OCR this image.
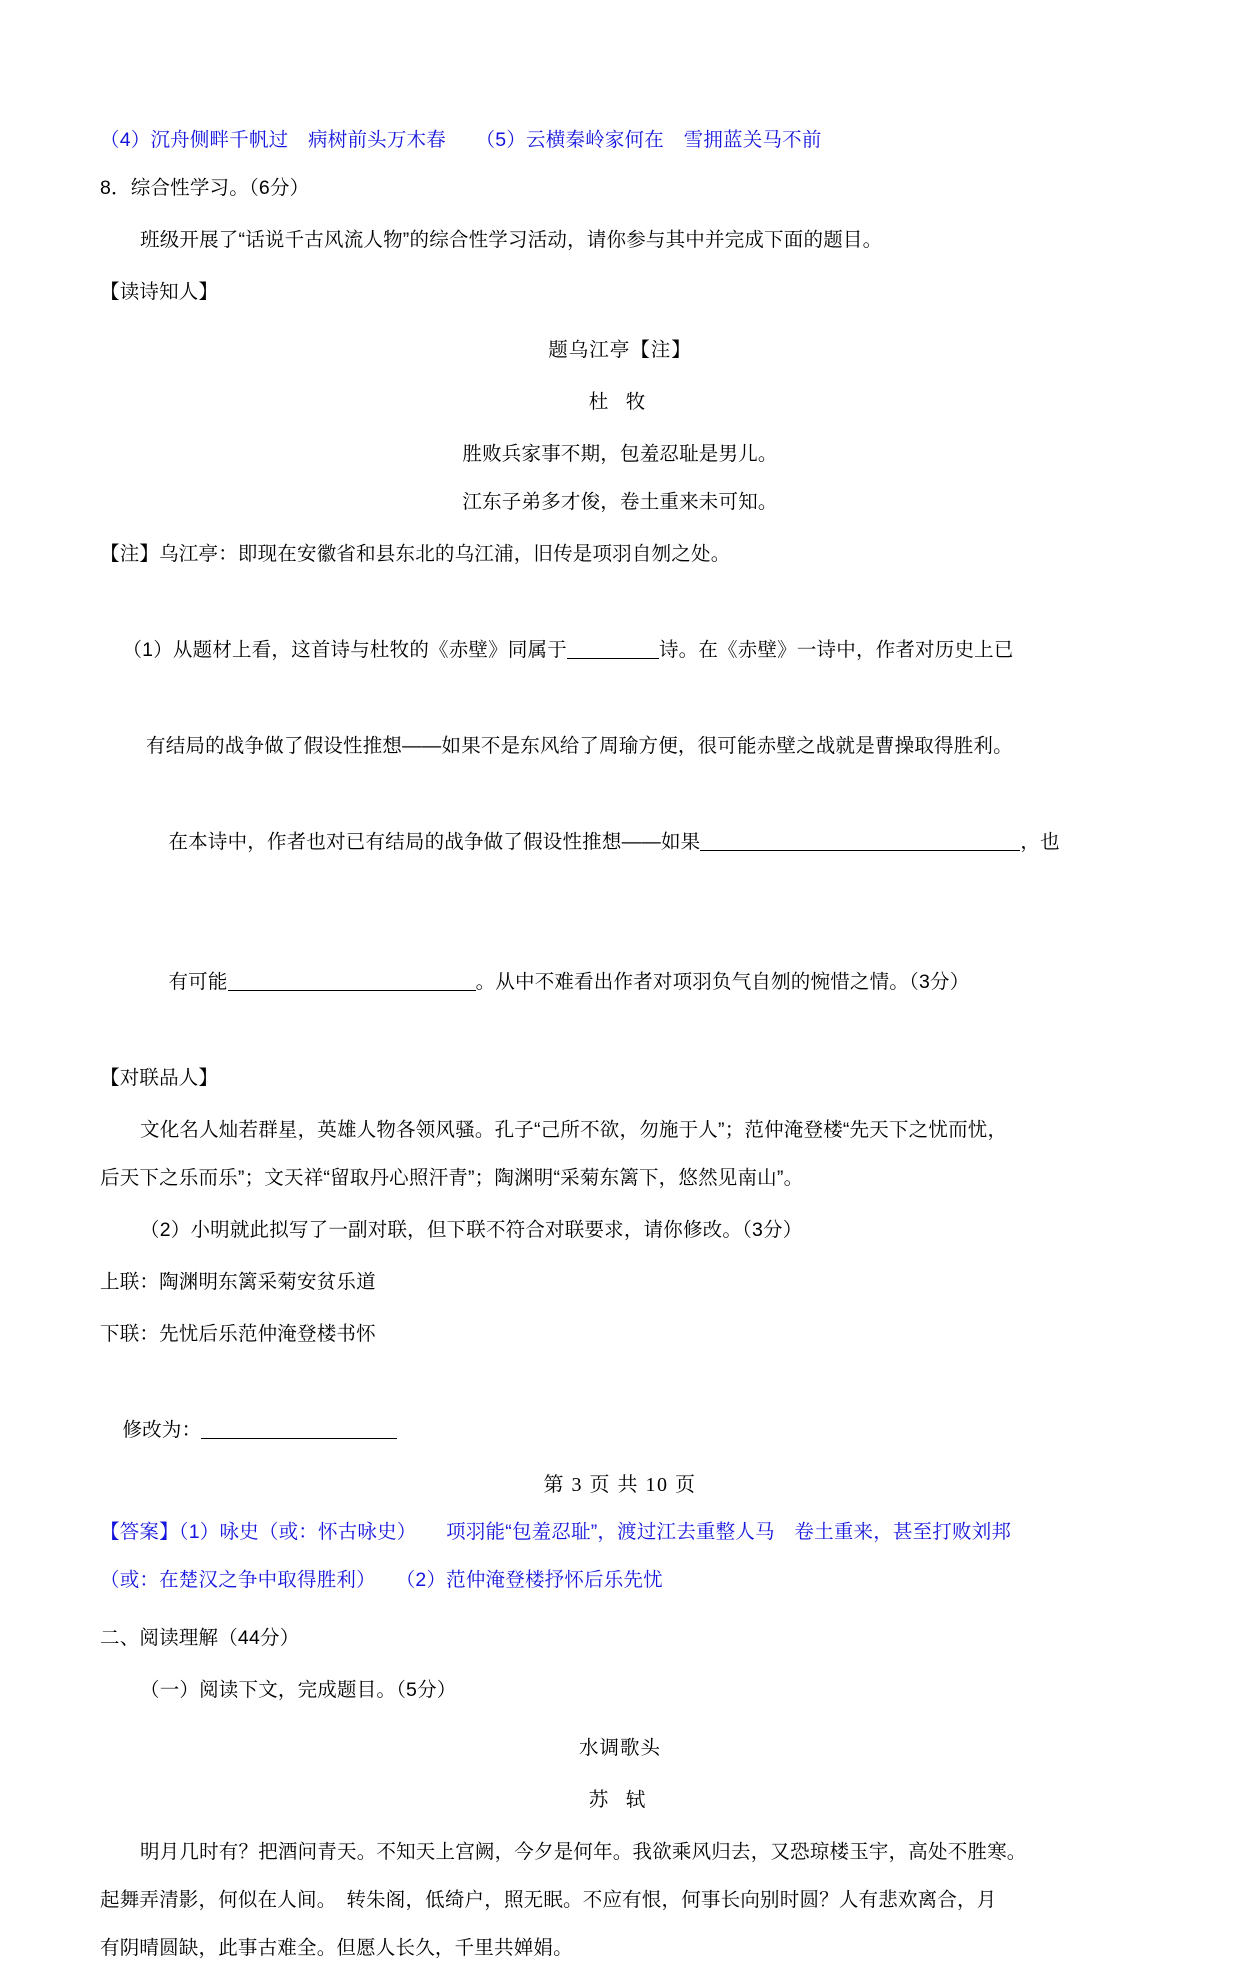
（4）沉舟侧畔千帆过　病树前头万木春　　（5）云横秦岭家何在　雪拥蓝关马不前
8．综合性学习。（6分）
班级开展了“话说千古风流人物”的综合性学习活动，请你参与其中并完成下面的题目。
【读诗知人】
题乌江亭【注】
杜 牧
胜败兵家事不期，包羞忍耻是男儿。
江东子弟多才俊，卷土重来未可知。
【注】乌江亭：即现在安徽省和县东北的乌江浦，旧传是项羽自刎之处。

（1）从题材上看，这首诗与杜牧的《赤壁》同属于	诗。在《赤壁》一诗中，作者对历史上已

有结局的战争做了假设性推想——如果不是东风给了周瑜方便，很可能赤壁之战就是曹操取得胜利。

在本诗中，作者也对已有结局的战争做了假设性推想——如果	，也

有可能	。从中不难看出作者对项羽负气自刎的惋惜之情。（3分）

【对联品人】
文化名人灿若群星，英雄人物各领风骚。孔子“己所不欲，勿施于人”；范仲淹登楼“先天下之忧而忧，
后天下之乐而乐”；文天祥“留取丹心照汗青”；陶渊明“采菊东篱下，悠然见南山”。
（2）小明就此拟写了一副对联，但下联不符合对联要求，请你修改。（3分）
上联：陶渊明东篱采菊安贫乐道
下联：先忧后乐范仲淹登楼书怀

修改为：

【答案】（1）咏史（或：怀古咏史）　　项羽能“包羞忍耻”，渡过江去重整人马　卷土重来，甚至打败刘邦
（或：在楚汉之争中取得胜利）　　（2）范仲淹登楼抒怀后乐先忧
二、阅读理解（44分）
（一）阅读下文，完成题目。（5分）
水调歌头
苏 轼
明月几时有？把酒问青天。不知天上宫阙，今夕是何年。我欲乘风归去，又恐琼楼玉宇，高处不胜寒。
起舞弄清影，何似在人间。　转朱阁，低绮户，照无眠。不应有恨，何事长向别时圆？人有悲欢离合，月
有阴晴圆缺，此事古难全。但愿人长久，千里共婵娟。
第 3 页 共 10 页
